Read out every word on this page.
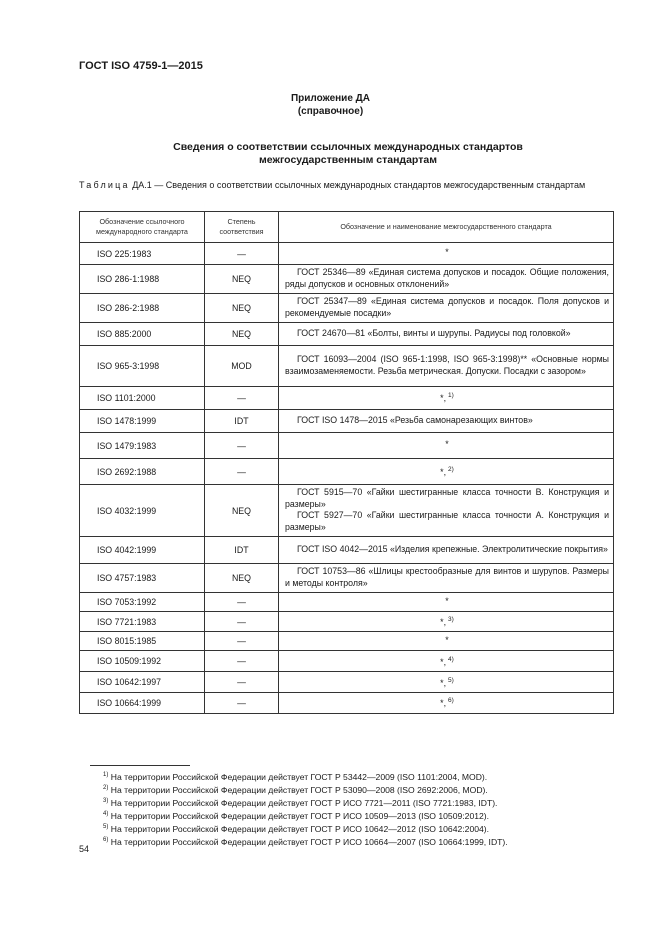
ГОСТ ISO 4759-1—2015
Приложение ДА
(справочное)
Сведения о соответствии ссылочных международных стандартов
межгосударственным стандартам
Таблица ДА.1 — Сведения о соответствии ссылочных международных стандартов межгосударственным стандартам
Обозначение ссылочного международного стандарта	Степень соответствия	Обозначение и наименование межгосударственного стандарта
ISO 225:1983	—	*

ISO 286-1:1988	NEQ	ГОСТ 25346—89 «Единая система допусков и посадок. Общие положения, ряды допусков и основных отклонений»

ISO 286-2:1988	NEQ	ГОСТ 25347—89 «Единая система допусков и посадок. Поля допусков и рекомендуемые посадки»

ISO 885:2000	NEQ	ГОСТ 24670—81 «Болты, винты и шурупы. Радиусы под головкой»

ISO 965-3:1998	MOD	ГОСТ 16093—2004 (ISO 965-1:1998, ISO 965-3:1998)** «Основные нормы взаимозаменяемости. Резьба метрическая. Допуски. Посадки с зазором»

ISO 1101:2000	—	*, $^{1)}$

ISO 1478:1999	IDT	ГОСТ ISO 1478—2015 «Резьба самонарезающих винтов»

ISO 1479:1983	—	*

ISO 2692:1988	—	*, $^{2)}$

ISO 4032:1999	NEQ	ГОСТ 5915—70 «Гайки шестигранные класса точности В. Конструкция и размеры»
ГОСТ 5927—70 «Гайки шестигранные класса точности А. Конструкция и размеры»

ISO 4042:1999	IDT	ГОСТ ISO 4042—2015 «Изделия крепежные. Электролитические покрытия»

ISO 4757:1983	NEQ	ГОСТ 10753—86 «Шлицы крестообразные для винтов и шурупов. Размеры и методы контроля»

ISO 7053:1992	—	*

ISO 7721:1983	—	*, $^{3)}$

ISO 8015:1985	—	*

ISO 10509:1992	—	*, $^{4)}$

ISO 10642:1997	—	*, $^{5)}$

ISO 10664:1999	—	*, $^{6)}$
$^{1)}$ На территории Российской Федерации действует ГОСТ Р 53442—2009 (ISO 1101:2004, MOD).
$^{2)}$ На территории Российской Федерации действует ГОСТ Р 53090—2008 (ISO 2692:2006, MOD).
$^{3)}$ На территории Российской Федерации действует ГОСТ Р ИСО 7721—2011 (ISO 7721:1983, IDT).
$^{4)}$ На территории Российской Федерации действует ГОСТ Р ИСО 10509—2013 (ISO 10509:2012).
$^{5)}$ На территории Российской Федерации действует ГОСТ Р ИСО 10642—2012 (ISO 10642:2004).
$^{6)}$ На территории Российской Федерации действует ГОСТ Р ИСО 10664—2007 (ISO 10664:1999, IDT).
54
